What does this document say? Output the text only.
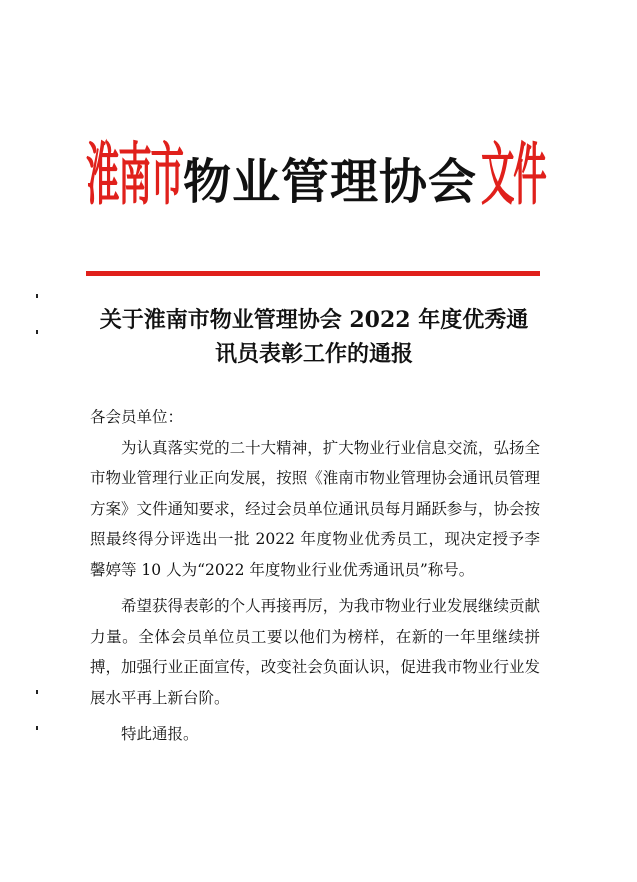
淮南市 物业管理协会 文件
关于淮南市物业管理协会 2022 年度优秀通
讯员表彰工作的通报

各会员单位：

为认真落实党的二十大精神，扩大物业行业信息交流，弘扬全市物业管理行业正向发展，按照《淮南市物业管理协会通讯员管理方案》文件通知要求，经过会员单位通讯员每月踊跃参与，协会按照最终得分评选出一批 2022 年度物业优秀员工，现决定授予李馨婷等 10 人为“2022 年度物业行业优秀通讯员”称号。

希望获得表彰的个人再接再厉，为我市物业行业发展继续贡献力量。全体会员单位员工要以他们为榜样，在新的一年里继续拼搏，加强行业正面宣传，改变社会负面认识，促进我市物业行业发展水平再上新台阶。

特此通报。
